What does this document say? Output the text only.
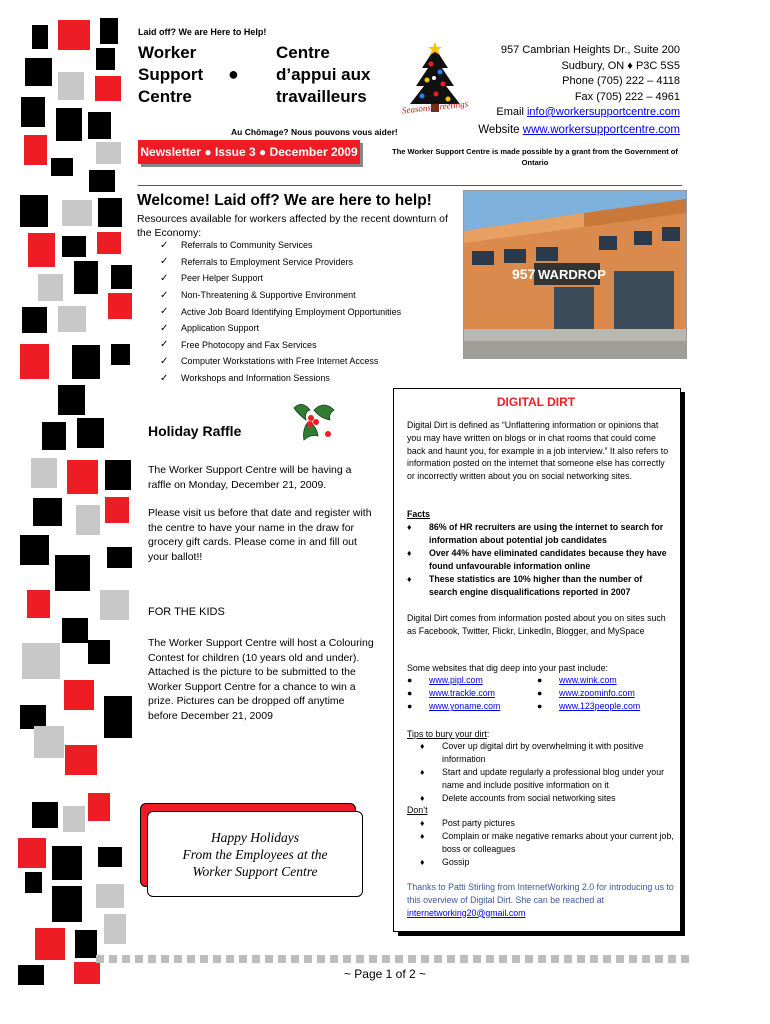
Laid off? We are Here to Help!
Worker
Support
Centre
●
Centre
d’appui aux
travailleurs
Seasons Greetings
957 Cambrian Heights Dr., Suite 200
Sudbury, ON ♦ P3C 5S5
Phone (705) 222 – 4118
Fax (705) 222 – 4961
Email info@workersupportcentre.com
Website www.workersupportcentre.com
Au Chômage? Nous pouvons vous aider!
Newsletter ● Issue 3 ● December 2009	The Worker Support Centre is made possible by a grant from the Government of Ontario
Welcome! Laid off? We are here to help!
Resources available for workers affected by the recent downturn of the Economy:
✓	Referrals to Community Services
✓	Referrals to Employment Service Providers
✓	Peer Helper Support
✓	Non-Threatening & Supportive Environment
✓	Active Job Board Identifying Employment Opportunities
✓	Application Support
✓	Free Photocopy and Fax Services
✓	Computer Workstations with Free Internet Access
✓	Workshops and Information Sessions
WARDROP
957
Holiday Raffle
The Worker Support Centre will be having a raffle on Monday, December 21, 2009.
Please visit us before that date and register with the centre to have your name in the draw for grocery gift cards. Please come in and fill out your ballot!!
FOR THE KIDS
The Worker Support Centre will host a Colouring Contest for children (10 years old and under). Attached is the picture to be submitted to the Worker Support Centre for a chance to win a prize. Pictures can be dropped off anytime before December 21, 2009
Happy Holidays
From the Employees at the
Worker Support Centre
DIGITAL DIRT
Digital Dirt is defined as “Unflattering information or opinions that you may have written on blogs or in chat rooms that could come back and haunt you, for example in a job interview.” It also refers to information posted on the internet that someone else has correctly or incorrectly written about you on social networking sites.
Facts
♦	86% of HR recruiters are using the internet to search for information about potential job candidates
♦	Over 44% have eliminated candidates because they have found unfavourable information online
♦	These statistics are 10% higher than the number of search engine disqualifications reported in 2007
Digital Dirt comes from information posted about you on sites such as Facebook, Twitter, Flickr, LinkedIn, Blogger, and MySpace
Some websites that dig deep into your past include:
● www.pipl.com	● www.wink.com
● www.trackle.com	● www.zoominfo.com
● www.yoname.com	● www.123people.com
Tips to bury your dirt:
♦	Cover up digital dirt by overwhelming it with positive information
♦	Start and update regularly a professional blog under your name and include positive information on it
♦	Delete accounts from social networking sites
Don’t
♦	Post party pictures
♦	Complain or make negative remarks about your current job, boss or colleagues
♦	Gossip
Thanks to Patti Stirling from InternetWorking 2.0 for introducing us to this overview of Digital Dirt. She can be reached at internetworking20@gmail.com
~ Page 1 of 2 ~
